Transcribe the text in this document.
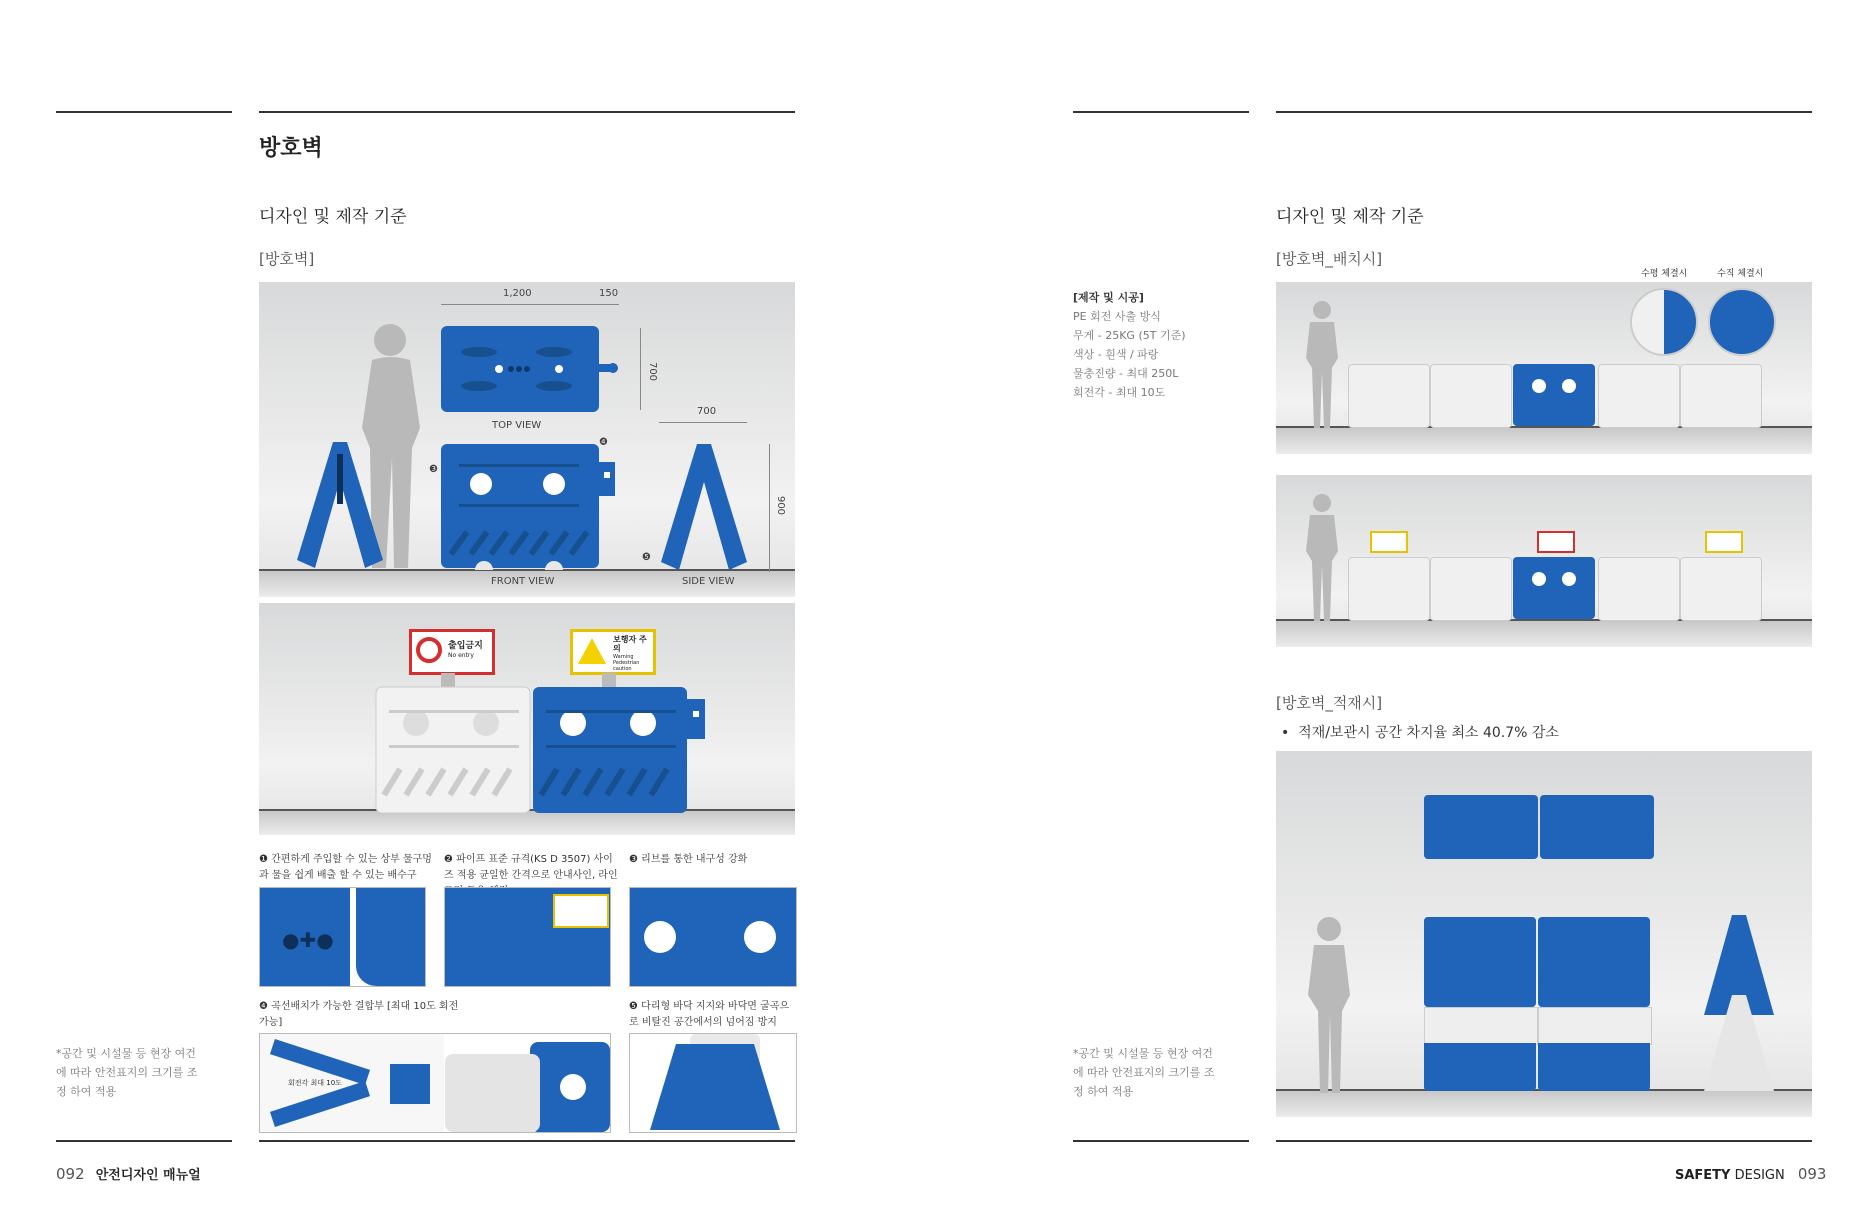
방호벽
디자인 및 제작 기준
[방호벽]
1,200	150
700
TOP VIEW
❸
❹
❺
FRONT VIEW
700
900
SIDE VIEW
출입금지
No entry
보행자 주의
Warning Pedestrian caution
❶ 간편하게 주입할 수 있는 상부 물구멍과 물을 쉽게 배출 할 수 있는 배수구
❷ 파이프 표준 규격(KS D 3507) 사이즈 적용 균일한 간격으로 안내사인, 라인
❸ 리브를 통한 내구성 강화
●✚●
❹ 곡선배치가 가능한 결합부 [최대 10도 회전 가능]
❺ 다리형 바닥 지지와 바닥면 굴곡으로 비탈진 공간에서의 넘어짐 방지
회전각 최대 10도
*공간 및 시설물 등 현장 여건에 따라 안전표지의 크기를 조정 하여 적용
092 안전디자인 매뉴얼
[제작 및 시공]
PE 회전 사출 방식
무게 - 25KG (5T 기준)
색상 - 흰색 / 파랑
물충진량 - 최대 250L
회전각 - 최대 10도
디자인 및 제작 기준
[방호벽_배치시]
수평 체결시	수직 체결시
[방호벽_적재시]
•  적재/보관시 공간 차지율 최소 40.7% 감소
*공간 및 시설물 등 현장 여건에 따라 안전표지의 크기를 조정 하여 적용
SAFETY DESIGN 093
